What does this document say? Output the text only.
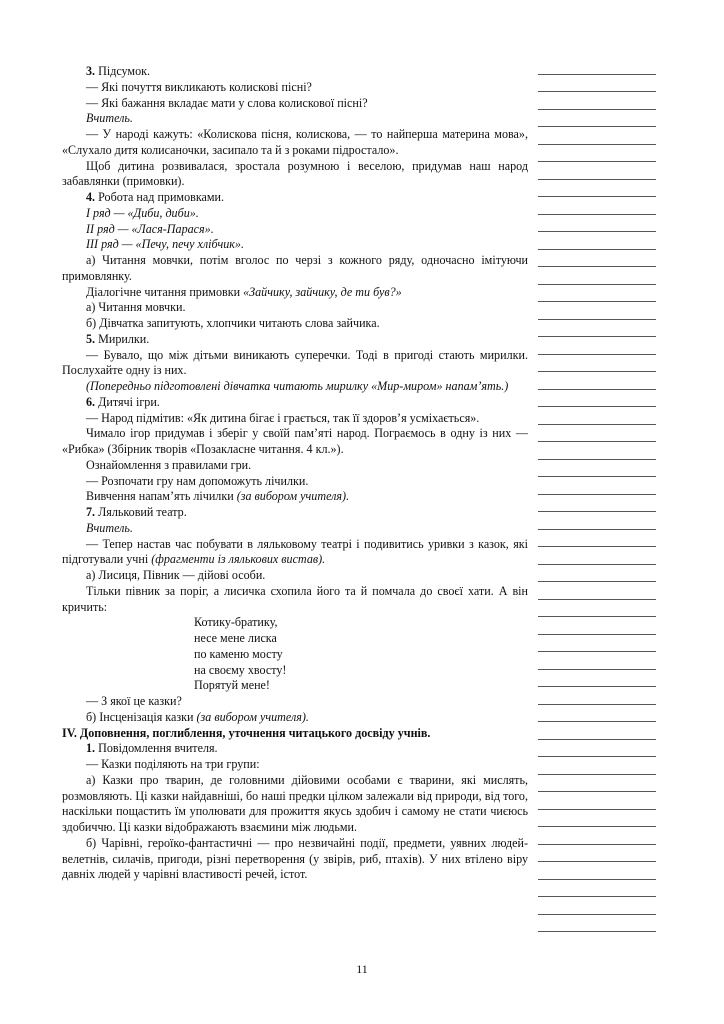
3. Підсумок.

— Які почуття викликають колискові пісні?

— Які бажання вкладає мати у слова колискової пісні?

Вчитель.

— У народі кажуть: «Колискова пісня, колискова, — то найперша материна мова», «Слухало дитя колисаночки, засипало та й з роками підростало».

Щоб дитина розвивалася, зростала розумною і веселою, придумав наш народ забавлянки (примовки).

4. Робота над примовками.

I ряд — «Диби, диби».

II ряд — «Лася-Парася».

III ряд — «Печу, печу хлібчик».

а) Читання мовчки, потім вголос по черзі з кожного ряду, одночасно імітуючи примовлянку.

Діалогічне читання примовки «Зайчику, зайчику, де ти був?»

а) Читання мовчки.

б) Дівчатка запитують, хлопчики читають слова зайчика.

5. Мирилки.

— Бувало, що між дітьми виникають суперечки. Тоді в пригоді стають мирилки. Послухайте одну із них.

(Попередньо підготовлені дівчатка читають мирилку «Мир-миром» напам’ять.)

6. Дитячі ігри.

— Народ підмітив: «Як дитина бігає і грається, так її здоров’я усміхається».

Чимало ігор придумав і зберіг у своїй пам’яті народ. Пограємось в одну із них — «Рибка» (Збірник творів «Позакласне читання. 4 кл.»).

Ознайомлення з правилами гри.

— Розпочати гру нам допоможуть лічилки.

Вивчення напам’ять лічилки (за вибором учителя).

7. Ляльковий театр.

Вчитель.

— Тепер настав час побувати в ляльковому театрі і подивитись уривки з казок, які підготували учні (фрагменти із лялькових вистав).

а) Лисиця, Півник — дійові особи.

Тільки півник за поріг, а лисичка схопила його та й помчала до своєї хати. А він кричить:

Котику-братику,
несе мене лиска
по каменю мосту
на своєму хвосту!
Порятуй мене!

— З якої це казки?

б) Інсценізація казки (за вибором учителя).

IV. Доповнення, поглиблення, уточнення читацького досвіду учнів.

1. Повідомлення вчителя.

— Казки поділяють на три групи:

а) Казки про тварин, де головними дійовими особами є тварини, які мислять, розмовляють. Ці казки найдавніші, бо наші предки цілком залежали від природи, від того, наскільки пощастить їм уполювати для прожиття якусь здобич і самому не стати чиєюсь здобиччю. Ці казки відображають взаємини між людьми.

б) Чарівні, героїко-фантастичні — про незвичайні події, предмети, уявних людей-велетнів, силачів, пригоди, різні перетворення (у звірів, риб, птахів). У них втілено віру давніх людей у чарівні властивості речей, істот.

11
